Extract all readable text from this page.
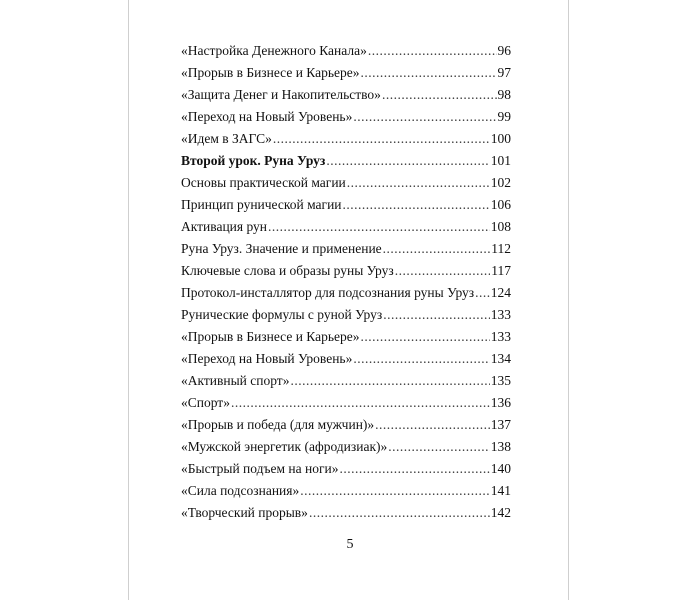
«Настройка Денежного Канала» .....	96
«Прорыв в Бизнесе и Карьере» .....	97
«Защита Денег и Накопительство» .....	98
«Переход на Новый Уровень» .....	99
«Идем в ЗАГС» .....	100
Второй урок. Руна Уруз .....	101
Основы практической магии .....	102
Принцип рунической магии .....	106
Активация рун .....	108
Руна Уруз. Значение и применение .....	112
Ключевые слова и образы руны Уруз .....	117
Протокол-инсталлятор для подсознания руны Уруз ..... 124
Рунические формулы с руной Уруз .....	133
«Прорыв в Бизнесе и Карьере» .....	133
«Переход на Новый Уровень» .....	134
«Активный спорт» .....	135
«Спорт» .....	136
«Прорыв и победа (для мужчин)» .....	137
«Мужской энергетик (афродизиак)» .....	138
«Быстрый подъем на ноги» .....	140
«Сила подсознания» .....	141
«Творческий прорыв» .....	142
5
